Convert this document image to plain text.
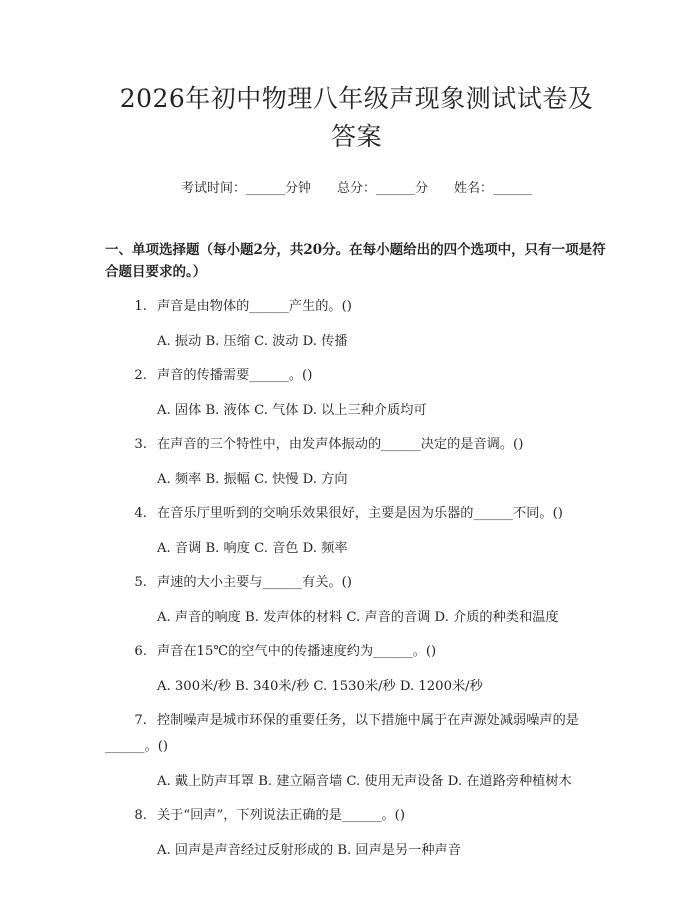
2026年初中物理八年级声现象测试试卷及答案
考试时间：______分钟 总分：______分 姓名：______
一、单项选择题（每小题2分，共20分。在每小题给出的四个选项中，只有一项是符合题目要求的。）
1. 声音是由物体的______产生的。()
A. 振动 B. 压缩 C. 波动 D. 传播
2. 声音的传播需要______。()
A. 固体 B. 液体 C. 气体 D. 以上三种介质均可
3. 在声音的三个特性中，由发声体振动的______决定的是音调。()
A. 频率 B. 振幅 C. 快慢 D. 方向
4. 在音乐厅里听到的交响乐效果很好，主要是因为乐器的______不同。()
A. 音调 B. 响度 C. 音色 D. 频率
5. 声速的大小主要与______有关。()
A. 声音的响度 B. 发声体的材料 C. 声音的音调 D. 介质的种类和温度
6. 声音在15℃的空气中的传播速度约为______。()
A. 300米/秒 B. 340米/秒 C. 1530米/秒 D. 1200米/秒
7. 控制噪声是城市环保的重要任务，以下措施中属于在声源处减弱噪声的是
______。()
A. 戴上防声耳罩 B. 建立隔音墙 C. 使用无声设备 D. 在道路旁种植树木
8. 关于“回声”，下列说法正确的是______。()
A. 回声是声音经过反射形成的 B. 回声是另一种声音
